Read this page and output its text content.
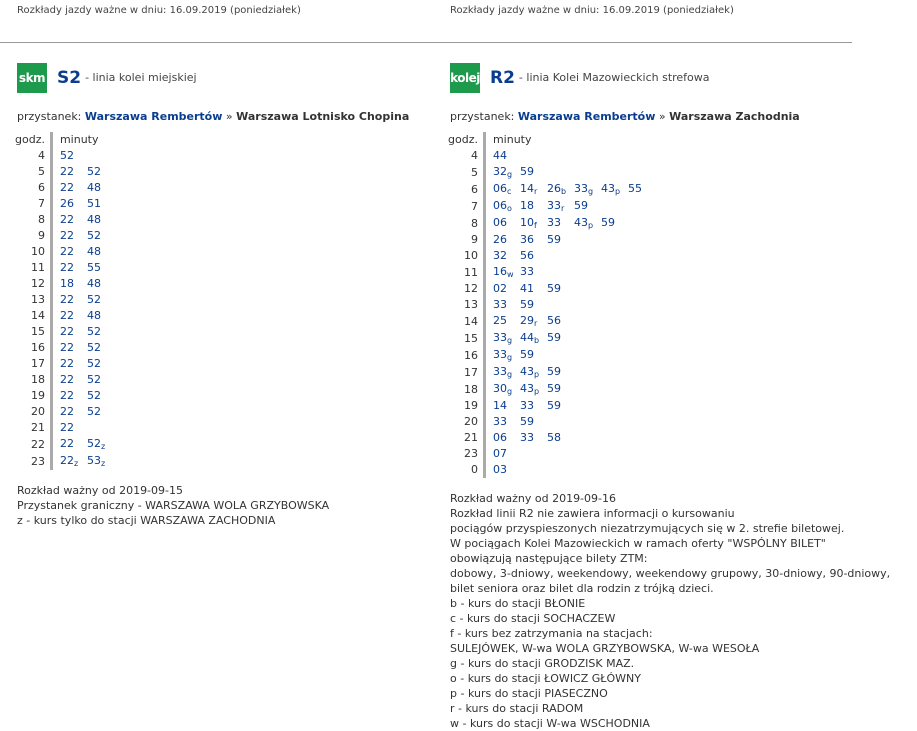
Rozkłady jazdy ważne w dniu: 16.09.2019 (poniedziałek)	Rozkłady jazdy ważne w dniu: 16.09.2019 (poniedziałek)
skm S2 - linia kolei miejskiej
przystanek: Warszawa Rembertów » Warszawa Lotnisko Chopina
godz.		minuty
4		52
5		22 52
6		22 48
7		26 51
8		22 48
9		22 52
10		22 48
11		22 55
12		18 48
13		22 52
14		22 48
15		22 52
16		22 52
17		22 52
18		22 52
19		22 52
20		22 52
21		22
22		22 $52_z$
23		$22_z$ $53_z$
Rozkład ważny od 2019-09-15
Przystanek graniczny - WARSZAWA WOLA GRZYBOWSKA
z - kurs tylko do stacji WARSZAWA ZACHODNIA
kolej R2 - linia Kolei Mazowieckich strefowa
przystanek: Warszawa Rembertów » Warszawa Zachodnia
godz.		minuty
4		44
5		$32_g$ 59
6		$06_c$ $14_r$ $26_b$ $33_g$ $43_p$ 55
7		$06_o$ 18 $33_r$ 59
8		06 $10_f$ 33 $43_p$ 59
9		26 36 59
10		32 56
11		$16_w$ 33
12		02 41 59
13		33 59
14		25 $29_r$ 56
15		$33_g$ $44_b$ 59
16		$33_g$ 59
17		$33_g$ $43_p$ 59
18		$30_g$ $43_p$ 59
19		14 33 59
20		33 59
21		06 33 58
23		07
0		03
Rozkład ważny od 2019-09-16
Rozkład linii R2 nie zawiera informacji o kursowaniu
pociągów przyspieszonych niezatrzymujących się w 2. strefie biletowej.
W pociągach Kolei Mazowieckich w ramach oferty "WSPÓLNY BILET"
obowiązują następujące bilety ZTM:
dobowy, 3-dniowy, weekendowy, weekendowy grupowy, 30-dniowy, 90-dniowy,
bilet seniora oraz bilet dla rodzin z trójką dzieci.
b - kurs do stacji BŁONIE
c - kurs do stacji SOCHACZEW
f - kurs bez zatrzymania na stacjach:
SULEJÓWEK, W-wa WOLA GRZYBOWSKA, W-wa WESOŁA
g - kurs do stacji GRODZISK MAZ.
o - kurs do stacji ŁOWICZ GŁÓWNY
p - kurs do stacji PIASECZNO
r - kurs do stacji RADOM
w - kurs do stacji W-wa WSCHODNIA
